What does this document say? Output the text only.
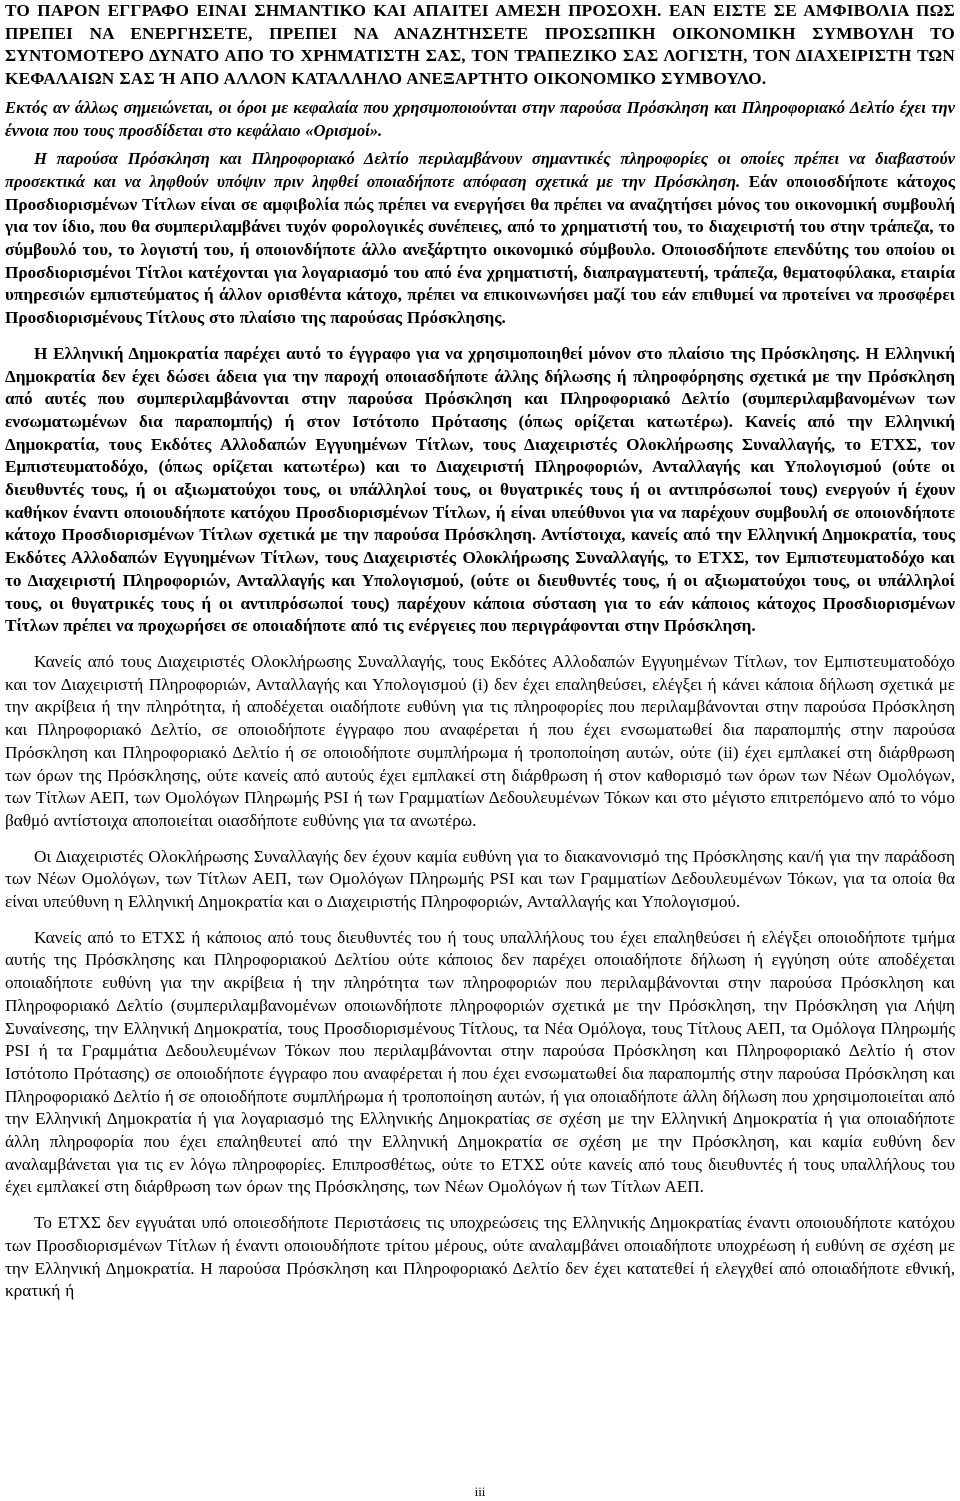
ΤΟ ΠΑΡΟΝ ΕΓΓΡΑΦΟ ΕΙΝΑΙ ΣΗΜΑΝΤΙΚΟ ΚΑΙ ΑΠΑΙΤΕΙ ΑΜΕΣΗ ΠΡΟΣΟΧΗ. ΕΑΝ ΕΙΣΤΕ ΣΕ ΑΜΦΙΒΟΛΙΑ ΠΩΣ ΠΡΕΠΕΙ ΝΑ ΕΝΕΡΓΗΣΕΤΕ, ΠΡΕΠΕΙ ΝΑ ΑΝΑΖΗΤΗΣΕΤΕ ΠΡΟΣΩΠΙΚΗ ΟΙΚΟΝΟΜΙΚΗ ΣΥΜΒΟΥΛΗ ΤΟ ΣΥΝΤΟΜΟΤΕΡΟ ΔΥΝΑΤΟ ΑΠΟ ΤΟ ΧΡΗΜΑΤΙΣΤΗ ΣΑΣ, ΤΟΝ ΤΡΑΠΕΖΙΚΟ ΣΑΣ ΛΟΓΙΣΤΗ, ΤΟΝ ΔΙΑΧΕΙΡΙΣΤΗ ΤΩΝ ΚΕΦΑΛΑΙΩΝ ΣΑΣ Ή ΑΠΟ ΑΛΛΟΝ ΚΑΤΑΛΛΗΛΟ ΑΝΕΞΑΡΤΗΤΟ ΟΙΚΟΝΟΜΙΚΟ ΣΥΜΒΟΥΛΟ.

Εκτός αν άλλως σημειώνεται, οι όροι με κεφαλαία που χρησιμοποιούνται στην παρούσα Πρόσκληση και Πληροφοριακό Δελτίο έχει την έννοια που τους προσδίδεται στο κεφάλαιο «Ορισμοί».

Η παρούσα Πρόσκληση και Πληροφοριακό Δελτίο περιλαμβάνουν σημαντικές πληροφορίες οι οποίες πρέπει να διαβαστούν προσεκτικά και να ληφθούν υπόψιν πριν ληφθεί οποιαδήποτε απόφαση σχετικά με την Πρόσκληση. Εάν οποιοσδήποτε κάτοχος Προσδιορισμένων Τίτλων είναι σε αμφιβολία πώς πρέπει να ενεργήσει θα πρέπει να αναζητήσει μόνος του οικονομική συμβουλή για τον ίδιο, που θα συμπεριλαμβάνει τυχόν φορολογικές συνέπειες, από το χρηματιστή του, το διαχειριστή του στην τράπεζα, το σύμβουλό του, το λογιστή του, ή οποιονδήποτε άλλο ανεξάρτητο οικονομικό σύμβουλο. Οποιοσδήποτε επενδύτης του οποίου οι Προσδιορισμένοι Τίτλοι κατέχονται για λογαριασμό του από ένα χρηματιστή, διαπραγματευτή, τράπεζα, θεματοφύλακα, εταιρία υπηρεσιών εμπιστεύματος ή άλλον ορισθέντα κάτοχο, πρέπει να επικοινωνήσει μαζί του εάν επιθυμεί να προτείνει να προσφέρει Προσδιορισμένους Τίτλους στο πλαίσιο της παρούσας Πρόσκλησης.

Η Ελληνική Δημοκρατία παρέχει αυτό το έγγραφο για να χρησιμοποιηθεί μόνον στο πλαίσιο της Πρόσκλησης. Η Ελληνική Δημοκρατία δεν έχει δώσει άδεια για την παροχή οποιασδήποτε άλλης δήλωσης ή πληροφόρησης σχετικά με την Πρόσκληση από αυτές που συμπεριλαμβάνονται στην παρούσα Πρόσκληση και Πληροφοριακό Δελτίο (συμπεριλαμβανομένων των ενσωματωμένων δια παραπομπής) ή στον Ιστότοπο Πρότασης (όπως ορίζεται κατωτέρω). Κανείς από την Ελληνική Δημοκρατία, τους Εκδότες Αλλοδαπών Εγγυημένων Τίτλων, τους Διαχειριστές Ολοκλήρωσης Συναλλαγής, το ΕΤΧΣ, τον Εμπιστευματοδόχο, (όπως ορίζεται κατωτέρω) και το Διαχειριστή Πληροφοριών, Ανταλλαγής και Υπολογισμού (ούτε οι διευθυντές τους, ή οι αξιωματούχοι τους, οι υπάλληλοί τους, οι θυγατρικές τους ή οι αντιπρόσωποί τους) ενεργούν ή έχουν καθήκον έναντι οποιουδήποτε κατόχου Προσδιορισμένων Τίτλων, ή είναι υπεύθυνοι για να παρέχουν συμβουλή σε οποιονδήποτε κάτοχο Προσδιορισμένων Τίτλων σχετικά με την παρούσα Πρόσκληση. Αντίστοιχα, κανείς από την Ελληνική Δημοκρατία, τους Εκδότες Αλλοδαπών Εγγυημένων Τίτλων, τους Διαχειριστές Ολοκλήρωσης Συναλλαγής, το ΕΤΧΣ, τον Εμπιστευματοδόχο και το Διαχειριστή Πληροφοριών, Ανταλλαγής και Υπολογισμού, (ούτε οι διευθυντές τους, ή οι αξιωματούχοι τους, οι υπάλληλοί τους, οι θυγατρικές τους ή οι αντιπρόσωποί τους) παρέχουν κάποια σύσταση για το εάν κάποιος κάτοχος Προσδιορισμένων Τίτλων πρέπει να προχωρήσει σε οποιαδήποτε από τις ενέργειες που περιγράφονται στην Πρόσκληση.

Κανείς από τους Διαχειριστές Ολοκλήρωσης Συναλλαγής, τους Εκδότες Αλλοδαπών Εγγυημένων Τίτλων, τον Εμπιστευματοδόχο και τον Διαχειριστή Πληροφοριών, Ανταλλαγής και Υπολογισμού (i) δεν έχει επαληθεύσει, ελέγξει ή κάνει κάποια δήλωση σχετικά με την ακρίβεια ή την πληρότητα, ή αποδέχεται οιαδήποτε ευθύνη για τις πληροφορίες που περιλαμβάνονται στην παρούσα Πρόσκληση και Πληροφοριακό Δελτίο, σε οποιοδήποτε έγγραφο που αναφέρεται ή που έχει ενσωματωθεί δια παραπομπής στην παρούσα Πρόσκληση και Πληροφοριακό Δελτίο ή σε οποιοδήποτε συμπλήρωμα ή τροποποίηση αυτών, ούτε (ii) έχει εμπλακεί στη διάρθρωση των όρων της Πρόσκλησης, ούτε κανείς από αυτούς έχει εμπλακεί στη διάρθρωση ή στον καθορισμό των όρων των Νέων Ομολόγων, των Τίτλων ΑΕΠ, των Ομολόγων Πληρωμής PSI ή των Γραμματίων Δεδουλευμένων Τόκων και στο μέγιστο επιτρεπόμενο από το νόμο βαθμό αντίστοιχα αποποιείται οιασδήποτε ευθύνης για τα ανωτέρω.

Οι Διαχειριστές Ολοκλήρωσης Συναλλαγής δεν έχουν καμία ευθύνη για το διακανονισμό της Πρόσκλησης και/ή για την παράδοση των Νέων Ομολόγων, των Τίτλων ΑΕΠ, των Ομολόγων Πληρωμής PSI και των Γραμματίων Δεδουλευμένων Τόκων, για τα οποία θα είναι υπεύθυνη η Ελληνική Δημοκρατία και ο Διαχειριστής Πληροφοριών, Ανταλλαγής και Υπολογισμού.

Κανείς από το ΕΤΧΣ ή κάποιος από τους διευθυντές του ή τους υπαλλήλους του έχει επαληθεύσει ή ελέγξει οποιοδήποτε τμήμα αυτής της Πρόσκλησης και Πληροφοριακού Δελτίου ούτε κάποιος δεν παρέχει οποιαδήποτε δήλωση ή εγγύηση ούτε αποδέχεται οποιαδήποτε ευθύνη για την ακρίβεια ή την πληρότητα των πληροφοριών που περιλαμβάνονται στην παρούσα Πρόσκληση και Πληροφοριακό Δελτίο (συμπεριλαμβανομένων οποιωνδήποτε πληροφοριών σχετικά με την Πρόσκληση, την Πρόσκληση για Λήψη Συναίνεσης, την Ελληνική Δημοκρατία, τους Προσδιορισμένους Τίτλους, τα Νέα Ομόλογα, τους Τίτλους ΑΕΠ, τα Ομόλογα Πληρωμής PSI ή τα Γραμμάτια Δεδουλευμένων Τόκων που περιλαμβάνονται στην παρούσα Πρόσκληση και Πληροφοριακό Δελτίο ή στον Ιστότοπο Πρότασης) σε οποιοδήποτε έγγραφο που αναφέρεται ή που έχει ενσωματωθεί δια παραπομπής στην παρούσα Πρόσκληση και Πληροφοριακό Δελτίο ή σε οποιοδήποτε συμπλήρωμα ή τροποποίηση αυτών, ή για οποιαδήποτε άλλη δήλωση που χρησιμοποιείται από την Ελληνική Δημοκρατία ή για λογαριασμό της Ελληνικής Δημοκρατίας σε σχέση με την Ελληνική Δημοκρατία ή για οποιαδήποτε άλλη πληροφορία που έχει επαληθευτεί από την Ελληνική Δημοκρατία σε σχέση με την Πρόσκληση, και καμία ευθύνη δεν αναλαμβάνεται για τις εν λόγω πληροφορίες. Επιπροσθέτως, ούτε το ΕΤΧΣ ούτε κανείς από τους διευθυντές ή τους υπαλλήλους του έχει εμπλακεί στη διάρθρωση των όρων της Πρόσκλησης, των Νέων Ομολόγων ή των Τίτλων ΑΕΠ.

Το ΕΤΧΣ δεν εγγυάται υπό οποιεσδήποτε Περιστάσεις τις υποχρεώσεις της Ελληνικής Δημοκρατίας έναντι οποιουδήποτε κατόχου των Προσδιορισμένων Τίτλων ή έναντι οποιουδήποτε τρίτου μέρους, ούτε αναλαμβάνει οποιαδήποτε υποχρέωση ή ευθύνη σε σχέση με την Ελληνική Δημοκρατία. Η παρούσα Πρόσκληση και Πληροφοριακό Δελτίο δεν έχει κατατεθεί ή ελεγχθεί από οποιαδήποτε εθνική, κρατική ή

iii
